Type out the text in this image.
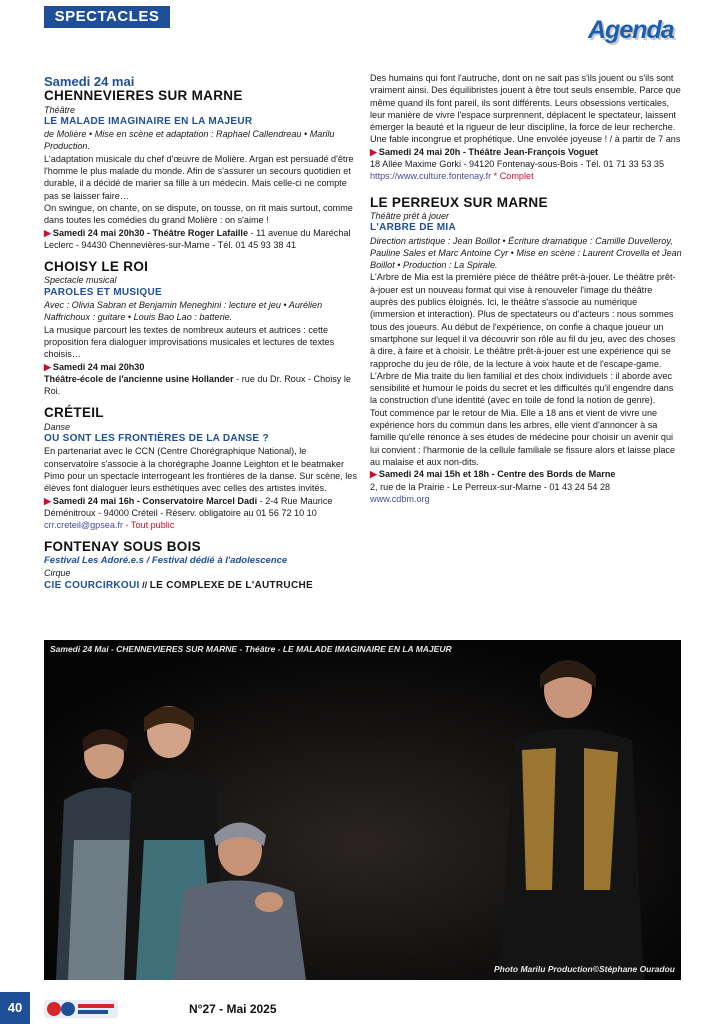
SPECTACLES	Agenda
Samedi 24 mai
CHENNEVIERES SUR MARNE
Théâtre
LE MALADE IMAGINAIRE EN LA MAJEUR
de Molière • Mise en scène et adaptation : Raphael Callendreau • Marilu Production.

L'adaptation musicale du chef d'œuvre de Molière. Argan est persuadé d'être l'homme le plus malade du monde. Afin de s'assurer un secours quotidien et durable, il a décidé de marier sa fille à un médecin. Mais celle-ci ne compte pas se laisser faire…

On swingue, on chante, on se dispute, on tousse, on rit mais surtout, comme dans toutes les comédies du grand Molière : on s'aime !

▶ Samedi 24 mai 20h30 - Théâtre Roger Lafaille - 11 avenue du Maréchal Leclerc - 94430 Chennevières-sur-Marne - Tél. 01 45 93 38 41
CHOISY LE ROI
Spectacle musical
PAROLES ET MUSIQUE
Avec : Olivia Sabran et Benjamin Meneghini : lecture et jeu • Aurélien Naffrichoux : guitare • Louis Bao Lao : batterie.

La musique parcourt les textes de nombreux auteurs et autrices : cette proposition fera dialoguer improvisations musicales et lectures de textes choisis…

▶ Samedi 24 mai 20h30
Théâtre-école de l'ancienne usine Hollander - rue du Dr. Roux - Choisy le Roi.
CRÉTEIL
Danse
OU SONT LES FRONTIÈRES DE LA DANSE ?

En partenariat avec le CCN (Centre Chorégraphique National), le conservatoire s'associe à la chorégraphe Joanne Leighton et le beatmaker Pimo pour un spectacle interrogeant les frontières de la danse. Sur scène, les élèves font dialoguer leurs esthétiques avec celles des artistes invités.

▶ Samedi 24 mai 16h - Conservatoire Marcel Dadi - 2-4 Rue Maurice Déménitroux - 94000 Créteil - Réserv. obligatoire au 01 56 72 10 10
crr.creteil@gpsea.fr - Tout public
FONTENAY SOUS BOIS
Festival Les Adoré.e.s / Festival dédié à l'adolescence
Cirque
CIE COURCIRKOUI // LE COMPLEXE DE L'AUTRUCHE

Des humains qui font l'autruche, dont on ne sait pas s'ils jouent ou s'ils sont vraiment ainsi. Des équilibristes jouent à être tout seuls ensemble. Parce que même quand ils font pareil, ils sont différents. Leurs obsessions verticales, leur manière de vivre l'espace surprennent, déplacent le spectateur, laissent émerger la beauté et la rigueur de leur discipline, la force de leur recherche. Une fable incongrue et prophétique. Une envolée joyeuse ! / à partir de 7 ans

▶ Samedi 24 mai 20h - Théâtre Jean-François Voguet
18 Allée Maxime Gorki - 94120 Fontenay-sous-Bois - Tél. 01 71 33 53 35
https://www.culture.fontenay.fr * Complet
LE PERREUX SUR MARNE
Théâtre prêt à jouer
L'ARBRE DE MIA
Direction artistique : Jean Boillot • Écriture dramatique : Camille Duvelleroy, Pauline Sales et Marc Antoine Cyr • Mise en scène : Laurent Crovella et Jean Boillot • Production : La Spirale.

L'Arbre de Mia est la première pièce de théâtre prêt-à-jouer. Le théâtre prêt-à-jouer est un nouveau format qui vise à renouveler l'image du théâtre auprès des publics éloignés. Ici, le théâtre s'associe au numérique (immersion et interaction). Plus de spectateurs ou d'acteurs : nous sommes tous des joueurs. Au début de l'expérience, on confie à chaque joueur un smartphone sur lequel il va découvrir son rôle au fil du jeu, avec des choses à dire, à faire et à choisir. Le théâtre prêt-à-jouer est une expérience qui se rapproche du jeu de rôle, de la lecture à voix haute et de l'escape-game.

L'Arbre de Mia traite du lien familial et des choix individuels : il aborde avec sensibilité et humour le poids du secret et les difficultés qu'il engendre dans la construction d'une identité (avec en toile de fond la notion de genre).

Tout commence par le retour de Mia. Elle a 18 ans et vient de vivre une expérience hors du commun dans les arbres, elle vient d'annoncer à sa famille qu'elle renonce à ses études de médecine pour choisir un avenir qui lui convient : l'harmonie de la cellule familiale se fissure alors et laisse place au malaise et aux non-dits.

▶ Samedi 24 mai 15h et 18h - Centre des Bords de Marne
2, rue de la Prairie - Le Perreux-sur-Marne - 01 43 24 54 28
www.cdbm.org
Samedi 24 Mai - CHENNEVIERES SUR MARNE - Théâtre - LE MALADE IMAGINAIRE EN LA MAJEUR
Photo Marilu Production©Stéphane Ouradou
40	N°27 - Mai 2025
